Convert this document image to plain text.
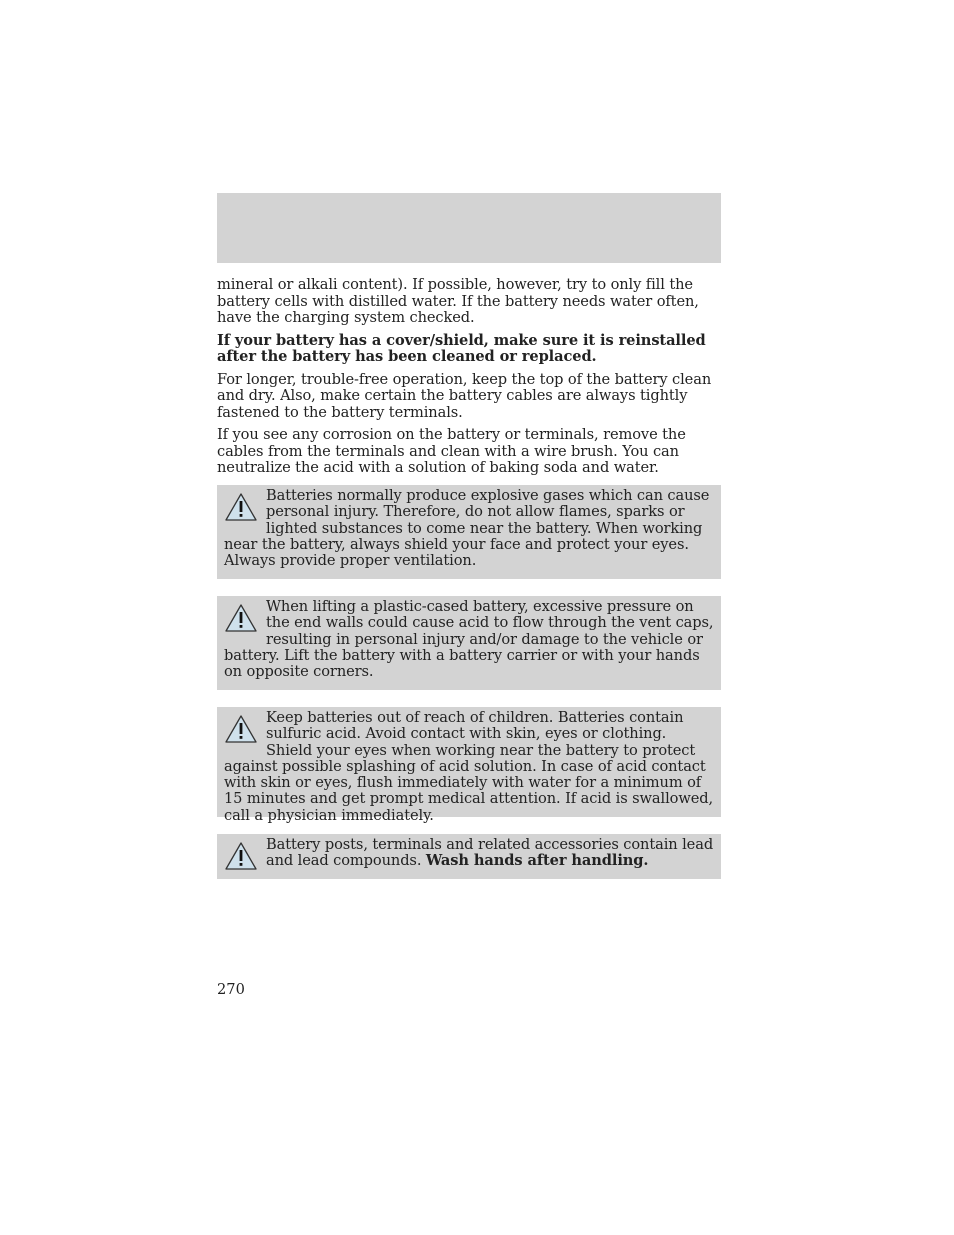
mineral or alkali content). If possible, however, try to only fill the battery cells with distilled water. If the battery needs water often, have the charging system checked.

If your battery has a cover/shield, make sure it is reinstalled after the battery has been cleaned or replaced.

For longer, trouble-free operation, keep the top of the battery clean and dry. Also, make certain the battery cables are always tightly fastened to the battery terminals.

If you see any corrosion on the battery or terminals, remove the cables from the terminals and clean with a wire brush. You can neutralize the acid with a solution of baking soda and water.

Batteries normally produce explosive gases which can cause personal injury. Therefore, do not allow flames, sparks or lighted substances to come near the battery. When working near the battery, always shield your face and protect your eyes. Always provide proper ventilation.
When lifting a plastic-cased battery, excessive pressure on the end walls could cause acid to flow through the vent caps, resulting in personal injury and/or damage to the vehicle or battery. Lift the battery with a battery carrier or with your hands on opposite corners.
Keep batteries out of reach of children. Batteries contain sulfuric acid. Avoid contact with skin, eyes or clothing. Shield your eyes when working near the battery to protect against possible splashing of acid solution. In case of acid contact with skin or eyes, flush immediately with water for a minimum of 15 minutes and get prompt medical attention. If acid is swallowed, call a physician immediately.
Battery posts, terminals and related accessories contain lead and lead compounds. Wash hands after handling.
270
